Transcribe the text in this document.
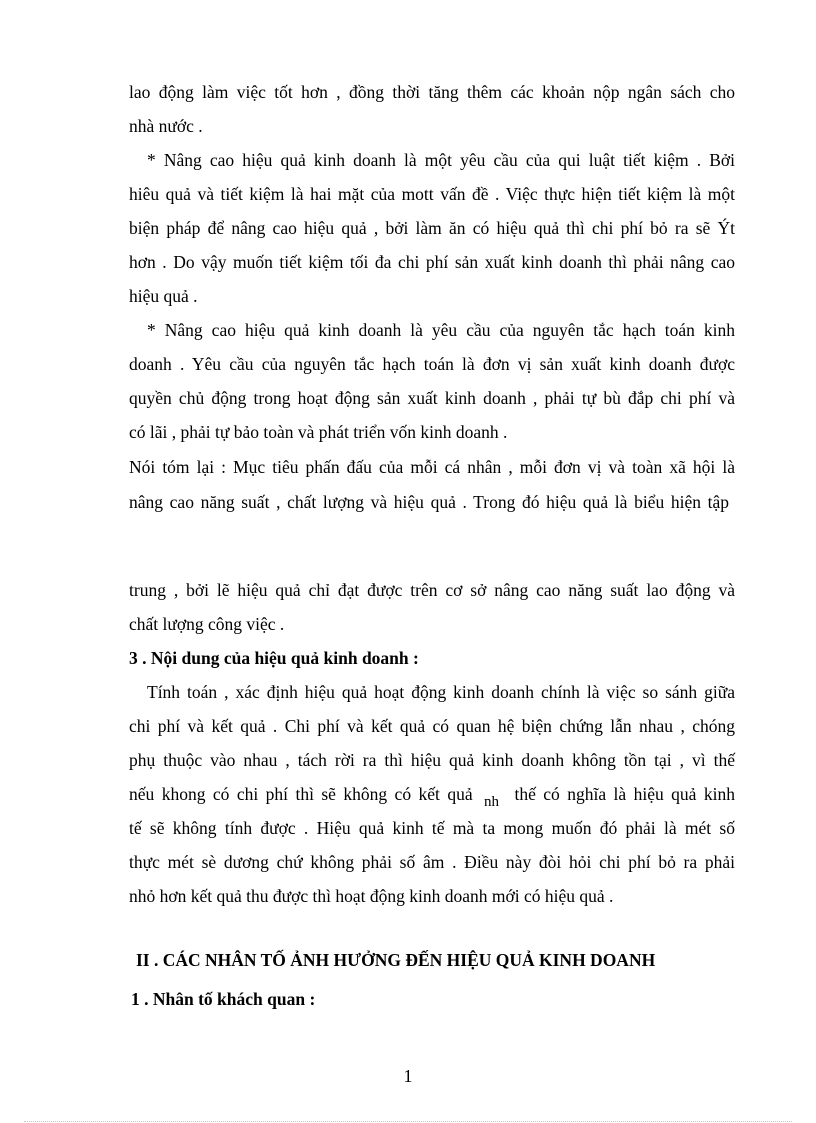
lao động làm việc tốt hơn , đồng thời tăng thêm các khoản nộp ngân sách cho
nhà nước .
* Nâng cao hiệu quả kinh doanh là một yêu cầu của qui luật tiết kiệm . Bởi
hiêu quả và tiết kiệm là hai mặt của mott vấn đề . Việc thực hiện tiết kiệm là một
biện pháp để nâng cao hiệu quả , bởi làm ăn có hiệu quả thì chi phí bỏ ra sẽ Ýt
hơn . Do vậy muốn tiết kiệm tối đa chi phí sản xuất kinh doanh thì phải nâng cao
hiệu quả .
* Nâng cao hiệu quả kinh doanh là yêu cầu của nguyên tắc hạch toán kinh
doanh . Yêu cầu của nguyên tắc hạch toán là đơn vị sản xuất kinh doanh được
quyền chủ động trong hoạt động sản xuất kinh doanh , phải tự bù đắp chi phí và
có lãi , phải tự bảo toàn và phát triển vốn kinh doanh .
Nói tóm lại : Mục tiêu phấn đấu của mỗi cá nhân , mỗi đơn vị và toàn xã hội là
nâng cao năng suất , chất lượng và hiệu quả . Trong đó hiệu quả là biểu hiện tập
trung , bởi lẽ hiệu quả chỉ đạt được trên cơ sở nâng cao năng suất lao động và
chất lượng công việc .
3 . Nội dung của hiệu quả kinh doanh :
Tính toán , xác định hiệu quả hoạt động kinh doanh chính là việc so sánh giữa
chi phí và kết quả . Chi phí và kết quả có quan hệ biện chứng lẫn nhau , chóng
phụ thuộc vào nhau , tách rời ra thì hiệu quả kinh doanh không tồn tại , vì thế
nếu khong có chi phí thì sẽ không có kết quả nh thế có nghĩa là hiệu quả kinh
tế sẽ không tính được . Hiệu quả kinh tế mà ta mong muốn đó phải là mét số
thực mét sè dương chứ không phải số âm . Điều này đòi hỏi chi phí bỏ ra phải
nhỏ hơn kết quả thu được thì hoạt động kinh doanh mới có hiệu quả .
II . CÁC NHÂN TỐ ẢNH HƯỞNG ĐẾN HIỆU QUẢ KINH DOANH
1 . Nhân tố khách quan :
1
